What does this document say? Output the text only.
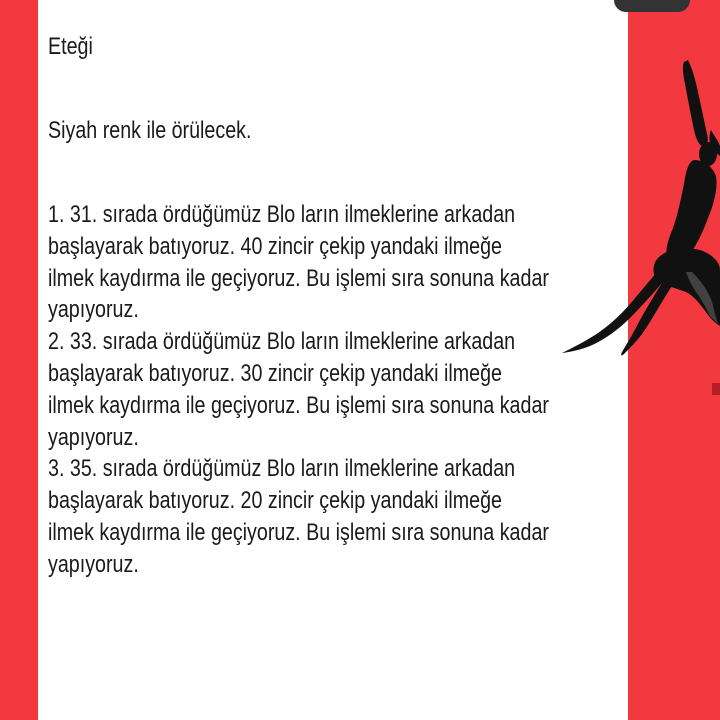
Eteği
Siyah renk ile örülecek.
1. 31. sırada ördüğümüz Blo ların ilmeklerine arkadan
başlayarak batıyoruz. 40 zincir çekip yandaki ilmeğe
ilmek kaydırma ile geçiyoruz. Bu işlemi sıra sonuna kadar
yapıyoruz.
2. 33. sırada ördüğümüz Blo ların ilmeklerine arkadan
başlayarak batıyoruz. 30 zincir çekip yandaki ilmeğe
ilmek kaydırma ile geçiyoruz. Bu işlemi sıra sonuna kadar
yapıyoruz.
3. 35. sırada ördüğümüz Blo ların ilmeklerine arkadan
başlayarak batıyoruz. 20 zincir çekip yandaki ilmeğe
ilmek kaydırma ile geçiyoruz. Bu işlemi sıra sonuna kadar
yapıyoruz.
